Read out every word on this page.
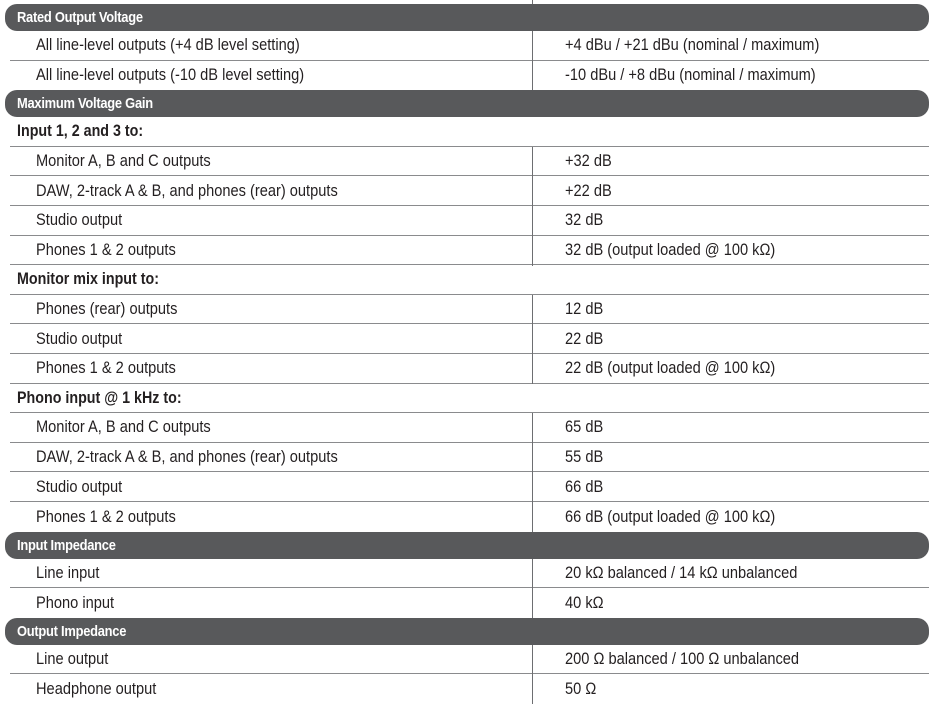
Rated Output Voltage
All line-level outputs (+4 dB level setting)	+4 dBu / +21 dBu (nominal / maximum)
All line-level outputs (-10 dB level setting)	-10 dBu / +8 dBu (nominal / maximum)
Maximum Voltage Gain
Input 1, 2 and 3 to:
Monitor A, B and C outputs	+32 dB
DAW, 2-track A & B, and phones (rear) outputs	+22 dB
Studio output	32 dB
Phones 1 & 2 outputs	32 dB (output loaded @ 100 kΩ)
Monitor mix input to:
Phones (rear) outputs	12 dB
Studio output	22 dB
Phones 1 & 2 outputs	22 dB (output loaded @ 100 kΩ)
Phono input @ 1 kHz to:
Monitor A, B and C outputs	65 dB
DAW, 2-track A & B, and phones (rear) outputs	55 dB
Studio output	66 dB
Phones 1 & 2 outputs	66 dB (output loaded @ 100 kΩ)
Input Impedance
Line input	20 kΩ balanced / 14 kΩ unbalanced
Phono input	40 kΩ
Output Impedance
Line output	200 Ω balanced / 100 Ω unbalanced
Headphone output	50 Ω
